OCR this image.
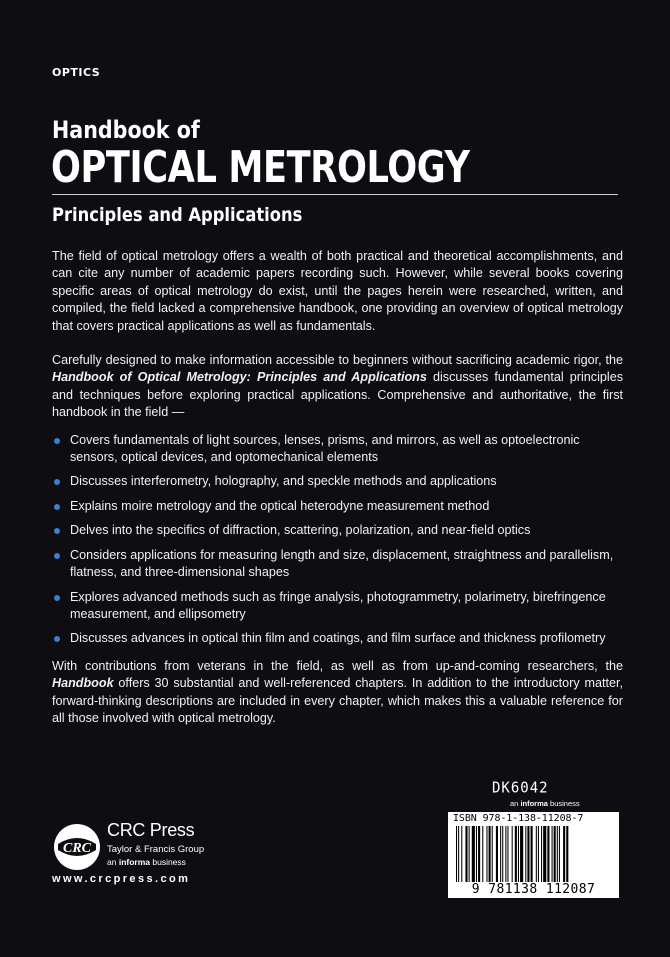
OPTICS
Handbook of
OPTICAL METROLOGY
Principles and Applications

The field of optical metrology offers a wealth of both practical and theoretical accomplishments, and can cite any number of academic papers recording such. However, while several books covering specific areas of optical metrology do exist, until the pages herein were researched, written, and compiled, the field lacked a comprehensive handbook, one providing an overview of optical metrology that covers practical applications as well as fundamentals.

Carefully designed to make information accessible to beginners without sacrificing academic rigor, the Handbook of Optical Metrology: Principles and Applications discusses fundamental principles and techniques before exploring practical applications. Comprehensive and authoritative, the first handbook in the field —

Covers fundamentals of light sources, lenses, prisms, and mirrors, as well as optoelectronic sensors, optical devices, and optomechanical elements
Discusses interferometry, holography, and speckle methods and applications
Explains moire metrology and the optical heterodyne measurement method
Delves into the specifics of diffraction, scattering, polarization, and near-field optics
Considers applications for measuring length and size, displacement, straightness and parallelism, flatness, and three-dimensional shapes
Explores advanced methods such as fringe analysis, photogrammetry, polarimetry, birefringence measurement, and ellipsometry
Discusses advances in optical thin film and coatings, and film surface and thickness profilometry

With contributions from veterans in the field, as well as from up-and-coming researchers, the Handbook offers 30 substantial and well-referenced chapters. In addition to the introductory matter, forward-thinking descriptions are included in every chapter, which makes this a valuable reference for all those involved with optical metrology.

CRC
CRC Press
Taylor & Francis Group
an informa business
www.crcpress.com
DK6042
an informa business
ISBN 978-1-138-11208-7
9 781138 112087
